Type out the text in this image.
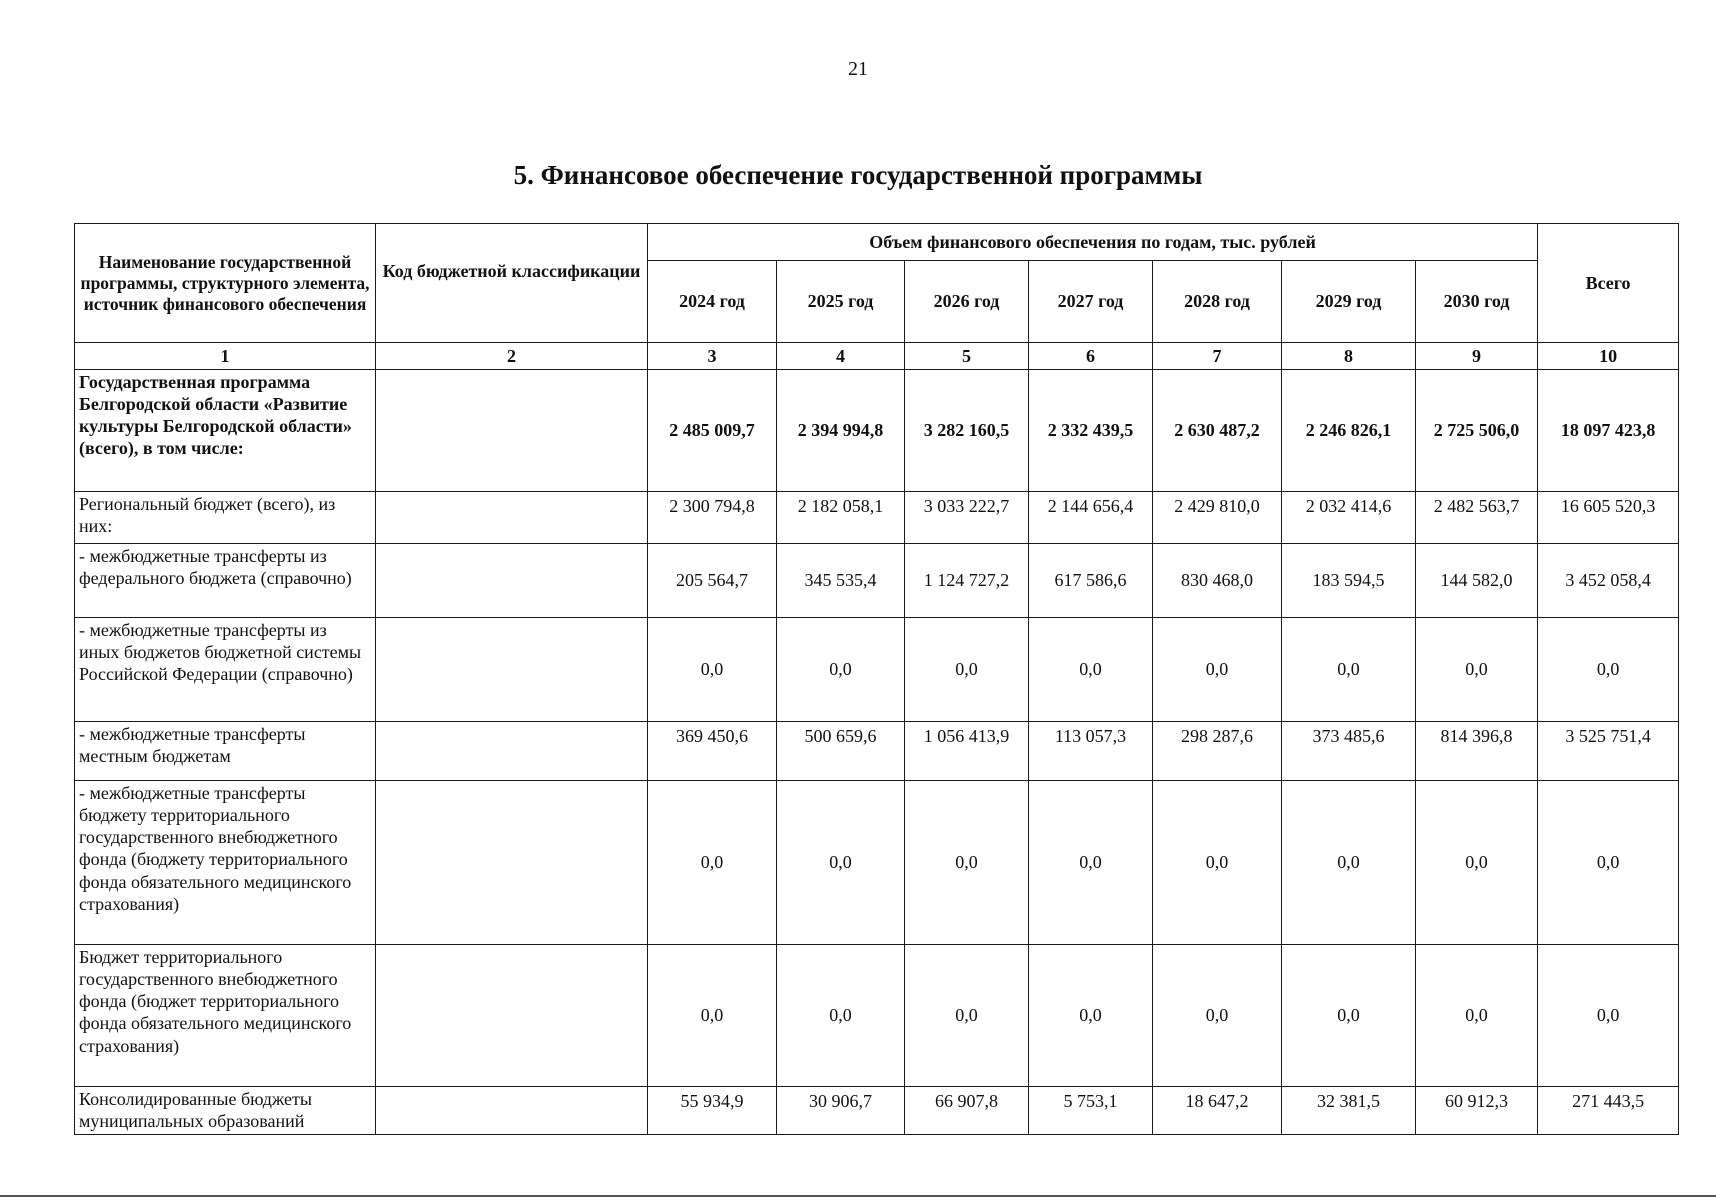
21
5. Финансовое обеспечение государственной программы
Наименование государственной программы, структурного элемента, источник финансового обеспечения	Код бюджетной классификации	Объем финансового обеспечения по годам, тыс. рублей							Всего
		2024 год	2025 год	2026 год	2027 год	2028 год	2029 год	2030 год	
1	2	3	4	5	6	7	8	9	10
Государственная программа Белгородской области «Развитие культуры Белгородской области» (всего), в том числе:		2 485 009,7	2 394 994,8	3 282 160,5	2 332 439,5	2 630 487,2	2 246 826,1	2 725 506,0	18 097 423,8
Региональный бюджет (всего), из них:		2 300 794,8	2 182 058,1	3 033 222,7	2 144 656,4	2 429 810,0	2 032 414,6	2 482 563,7	16 605 520,3
- межбюджетные трансферты из федерального бюджета (справочно)		205 564,7	345 535,4	1 124 727,2	617 586,6	830 468,0	183 594,5	144 582,0	3 452 058,4
- межбюджетные трансферты из иных бюджетов бюджетной системы Российской Федерации (справочно)		0,0	0,0	0,0	0,0	0,0	0,0	0,0	0,0
- межбюджетные трансферты местным бюджетам		369 450,6	500 659,6	1 056 413,9	113 057,3	298 287,6	373 485,6	814 396,8	3 525 751,4
- межбюджетные трансферты бюджету территориального государственного внебюджетного фонда (бюджету территориального фонда обязательного медицинского страхования)		0,0	0,0	0,0	0,0	0,0	0,0	0,0	0,0
Бюджет территориального государственного внебюджетного фонда (бюджет территориального фонда обязательного медицинского страхования)		0,0	0,0	0,0	0,0	0,0	0,0	0,0	0,0
Консолидированные бюджеты муниципальных образований		55 934,9	30 906,7	66 907,8	5 753,1	18 647,2	32 381,5	60 912,3	271 443,5
